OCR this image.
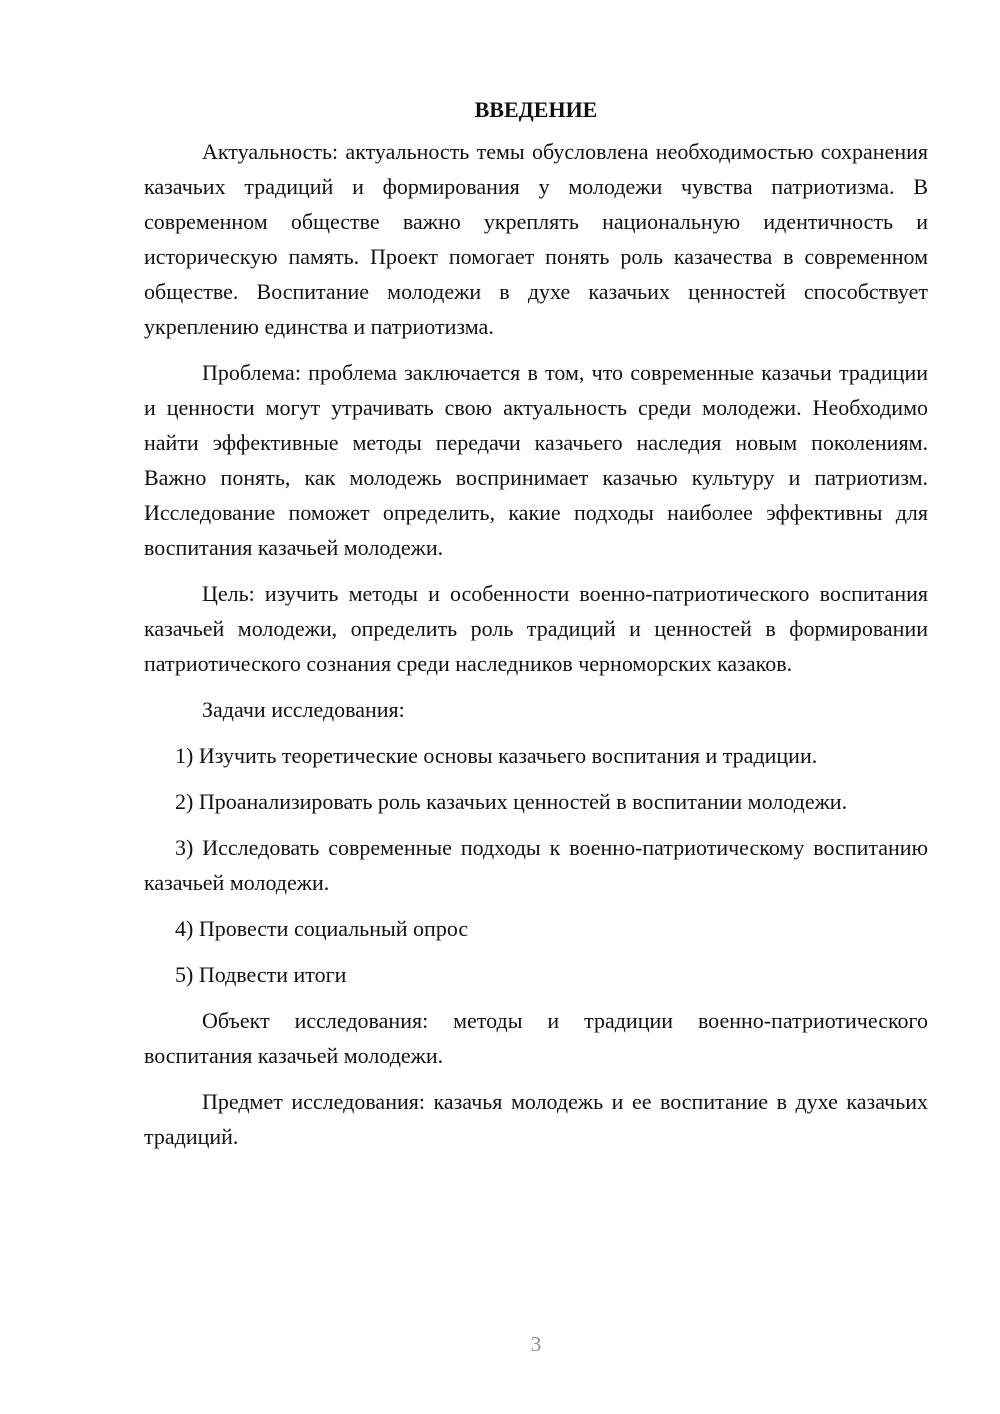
ВВЕДЕНИЕ

Актуальность: актуальность темы обусловлена необходимостью сохранения казачьих традиций и формирования у молодежи чувства патриотизма. В современном обществе важно укреплять национальную идентичность и историческую память. Проект помогает понять роль казачества в современном обществе. Воспитание молодежи в духе казачьих ценностей способствует укреплению единства и патриотизма.

Проблема: проблема заключается в том, что современные казачьи традиции и ценности могут утрачивать свою актуальность среди молодежи. Необходимо найти эффективные методы передачи казачьего наследия новым поколениям. Важно понять, как молодежь воспринимает казачью культуру и патриотизм. Исследование поможет определить, какие подходы наиболее эффективны для воспитания казачьей молодежи.

Цель: изучить методы и особенности военно-патриотического воспитания казачьей молодежи, определить роль традиций и ценностей в формировании патриотического сознания среди наследников черноморских казаков.

Задачи исследования:

1) Изучить теоретические основы казачьего воспитания и традиции.

2) Проанализировать роль казачьих ценностей в воспитании молодежи.

3) Исследовать современные подходы к военно-патриотическому воспитанию казачьей молодежи.

4) Провести социальный опрос

5) Подвести итоги

Объект исследования: методы и традиции военно-патриотического воспитания казачьей молодежи.

Предмет исследования: казачья молодежь и ее воспитание в духе казачьих традиций.

3
